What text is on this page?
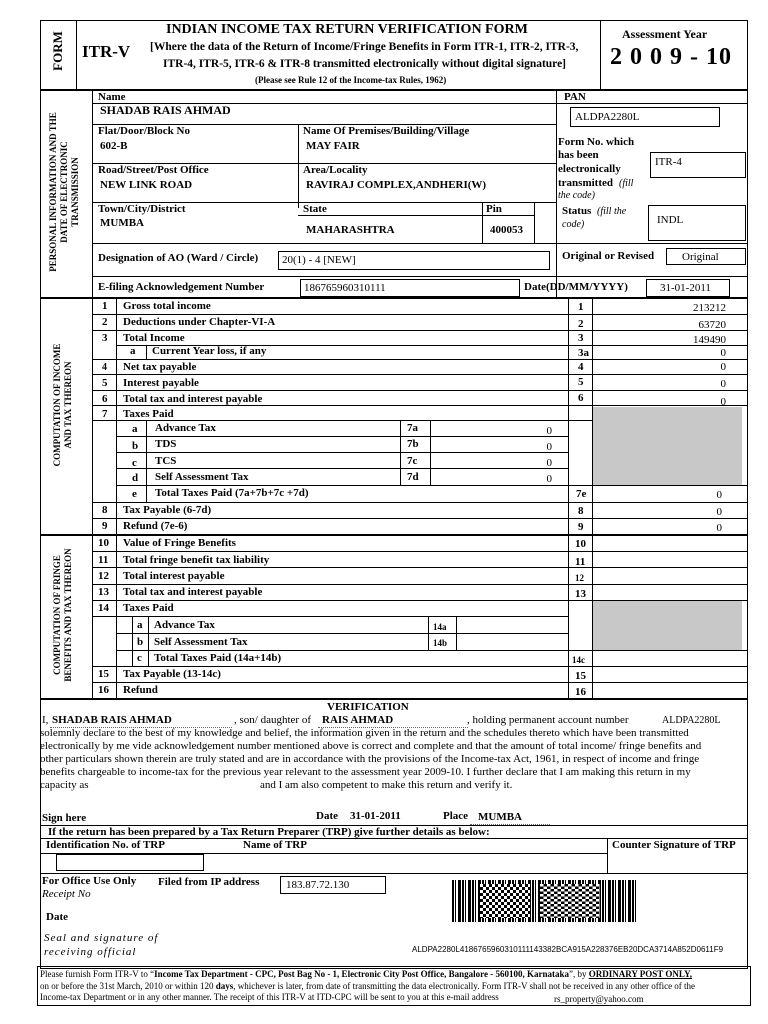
FORM ITR-V
INDIAN INCOME TAX RETURN VERIFICATION FORM
[Where the data of the Return of Income/Fringe Benefits in Form ITR-1, ITR-2, ITR-3,
ITR-4, ITR-5, ITR-6 & ITR-8 transmitted electronically without digital signature]
(Please see Rule 12 of the Income-tax Rules, 1962)
Assessment Year
2 0 0 9 - 10
PERSONAL INFORMATION AND THE
DATE OF ELECTRONIC
TRANSMISSION
Name
SHADAB RAIS AHMAD
PAN
ALDPA2280L
Flat/Door/Block No
602-B
Name Of Premises/Building/Village
MAY FAIR	Form No. which
has been
electronically
transmitted (fill
the code)
ITR-4
Road/Street/Post Office
NEW LINK ROAD
Area/Locality
RAVIRAJ COMPLEX,ANDHERI(W)
Town/City/District
MUMBA
State
MAHARASHTRA
Pin
400053
Status (fill the
code)	INDL
Designation of AO (Ward / Circle) 20(1) - 4 [NEW]	Original or Revised	Original
E-filing Acknowledgement Number	186765960310111	Date(DD/MM/YYYY)	31-01-2011
COMPUTATION OF INCOME
AND TAX THEREON
1 Gross total income	1	213212
2 Deductions under Chapter-VI-A	2	63720
3 Total Income	3	149490
a Current Year loss, if any	3a	0
4 Net tax payable	4	0
5 Interest payable	5	0
6 Total tax and interest payable	6	0
7 Taxes Paid
a Advance Tax	7a	0
b TDS	7b	0
c TCS	7c	0
d Self Assessment Tax	7d	0
e Total Taxes Paid (7a+7b+7c +7d)	7e	0
8 Tax Payable (6-7d)	8	0
9 Refund (7e-6)	9	0
COMPUTATION OF FRINGE
BENEFITS AND TAX THEREON
10 Value of Fringe Benefits	10
11 Total fringe benefit tax liability	11
12 Total interest payable	12
13 Total tax and interest payable	13
14 Taxes Paid
a Advance Tax	14a
b Self Assessment Tax	14b
c Total Taxes Paid (14a+14b)	14c
15 Tax Payable (13-14c)	15
16 Refund	16
VERIFICATION
I, SHADAB RAIS AHMAD	, son/ daughter of RAIS AHMAD	, holding permanent account number	ALDPA2280L
solemnly declare to the best of my knowledge and belief, the information given in the return and the schedules thereto which have been transmitted
electronically by me vide acknowledgement number mentioned above is correct and complete and that the amount of total income/ fringe benefits and
other particulars shown therein are truly stated and are in accordance with the provisions of the Income-tax Act, 1961, in respect of income and fringe
benefits chargeable to income-tax for the previous year relevant to the assessment year 2009-10. I further declare that I am making this return in my
capacity as	and I am also competent to make this return and verify it.
Sign here	Date 31-01-2011	Place MUMBA
If the return has been prepared by a Tax Return Preparer (TRP) give further details as below:
Identification No. of TRP	Name of TRP	Counter Signature of TRP
For Office Use Only
Receipt No
Date
Seal and signature of
receiving official
Filed from IP address 183.87.72.130
ALDPA2280L4186765960310111143382BCA915A228376EB20DCA3714A852D0611F9
Please furnish Form ITR-V to “Income Tax Department - CPC, Post Bag No - 1, Electronic City Post Office, Bangalore - 560100, Karnataka”, by ORDINARY POST ONLY,
on or before the 31st March, 2010 or within 120 days, whichever is later, from date of transmitting the data electronically. Form ITR-V shall not be received in any other office of the
Income-tax Department or in any other manner. The receipt of this ITR-V at ITD-CPC will be sent to you at this e-mail address	rs_property@yahoo.com
